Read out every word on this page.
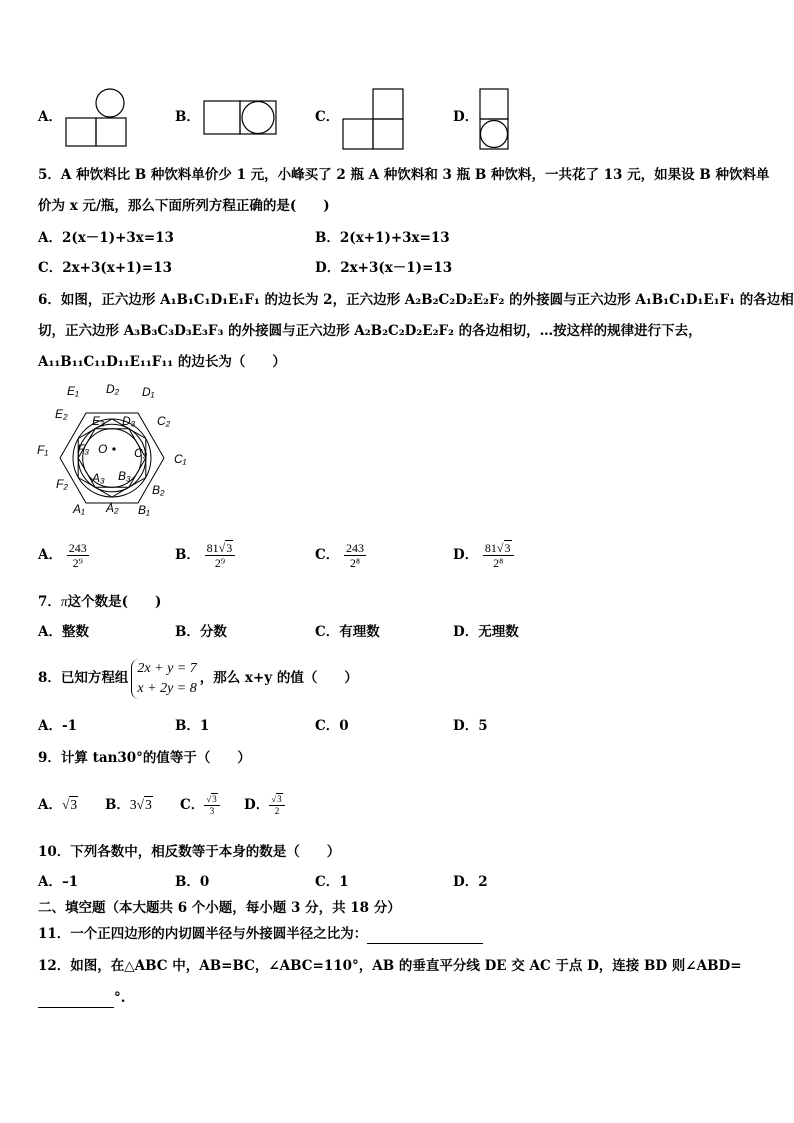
A．	B．	C．	D．
5．A 种饮料比 B 种饮料单价少 1 元，小峰买了 2 瓶 A 种饮料和 3 瓶 B 种饮料，一共花了 13 元，如果设 B 种饮料单
价为 x 元/瓶，那么下面所列方程正确的是(　　)
A．2(x－1)+3x=13	B．2(x+1)+3x=13
C．2x+3(x+1)=13	D．2x+3(x－1)=13
6．如图，正六边形 A₁B₁C₁D₁E₁F₁ 的边长为 2，正六边形 A₂B₂C₂D₂E₂F₂ 的外接圆与正六边形 A₁B₁C₁D₁E₁F₁ 的各边相
切，正六边形 A₃B₃C₃D₃E₃F₃ 的外接圆与正六边形 A₂B₂C₂D₂E₂F₂ 的各边相切，…按这样的规律进行下去，
A₁₁B₁₁C₁₁D₁₁E₁₁F₁₁ 的边长为（　　）
E₁ D₂ D₁
E₂	C₂
E₃ D₃
F₁ F₃ O C₃ C₁
A₃ B₃
F₂	B₂
A₁ A₂ B₁
A． $\frac{243}{\text{2⁹}}$	B． $\frac{81√3}{\text{2⁹}}$	C． $\frac{243}{\text{2⁸}}$	D． $\frac{81√3}{\text{2⁸}}$
7．π这个数是(　　)
A．整数	B．分数	C．有理数	D．无理数
8．已知方程组
2x + y = 7
x + 2y = 8
，那么 x+y 的值（　　）
A．-1	B．1	C．0	D．5
9．计算 tan30°的值等于（　　）
A．√3 B．3√3 C． $\frac{√3}{3}$ D． $\frac{√3}{2}$
10．下列各数中，相反数等于本身的数是（　　）
A．–1	B．0	C．1	D．2
二、填空题（本大题共 6 个小题，每小题 3 分，共 18 分）
11．一个正四边形的内切圆半径与外接圆半径之比为：
12．如图，在△ABC 中，AB=BC，∠ABC=110°，AB 的垂直平分线 DE 交 AC 于点 D，连接 BD 则∠ABD=
°.
